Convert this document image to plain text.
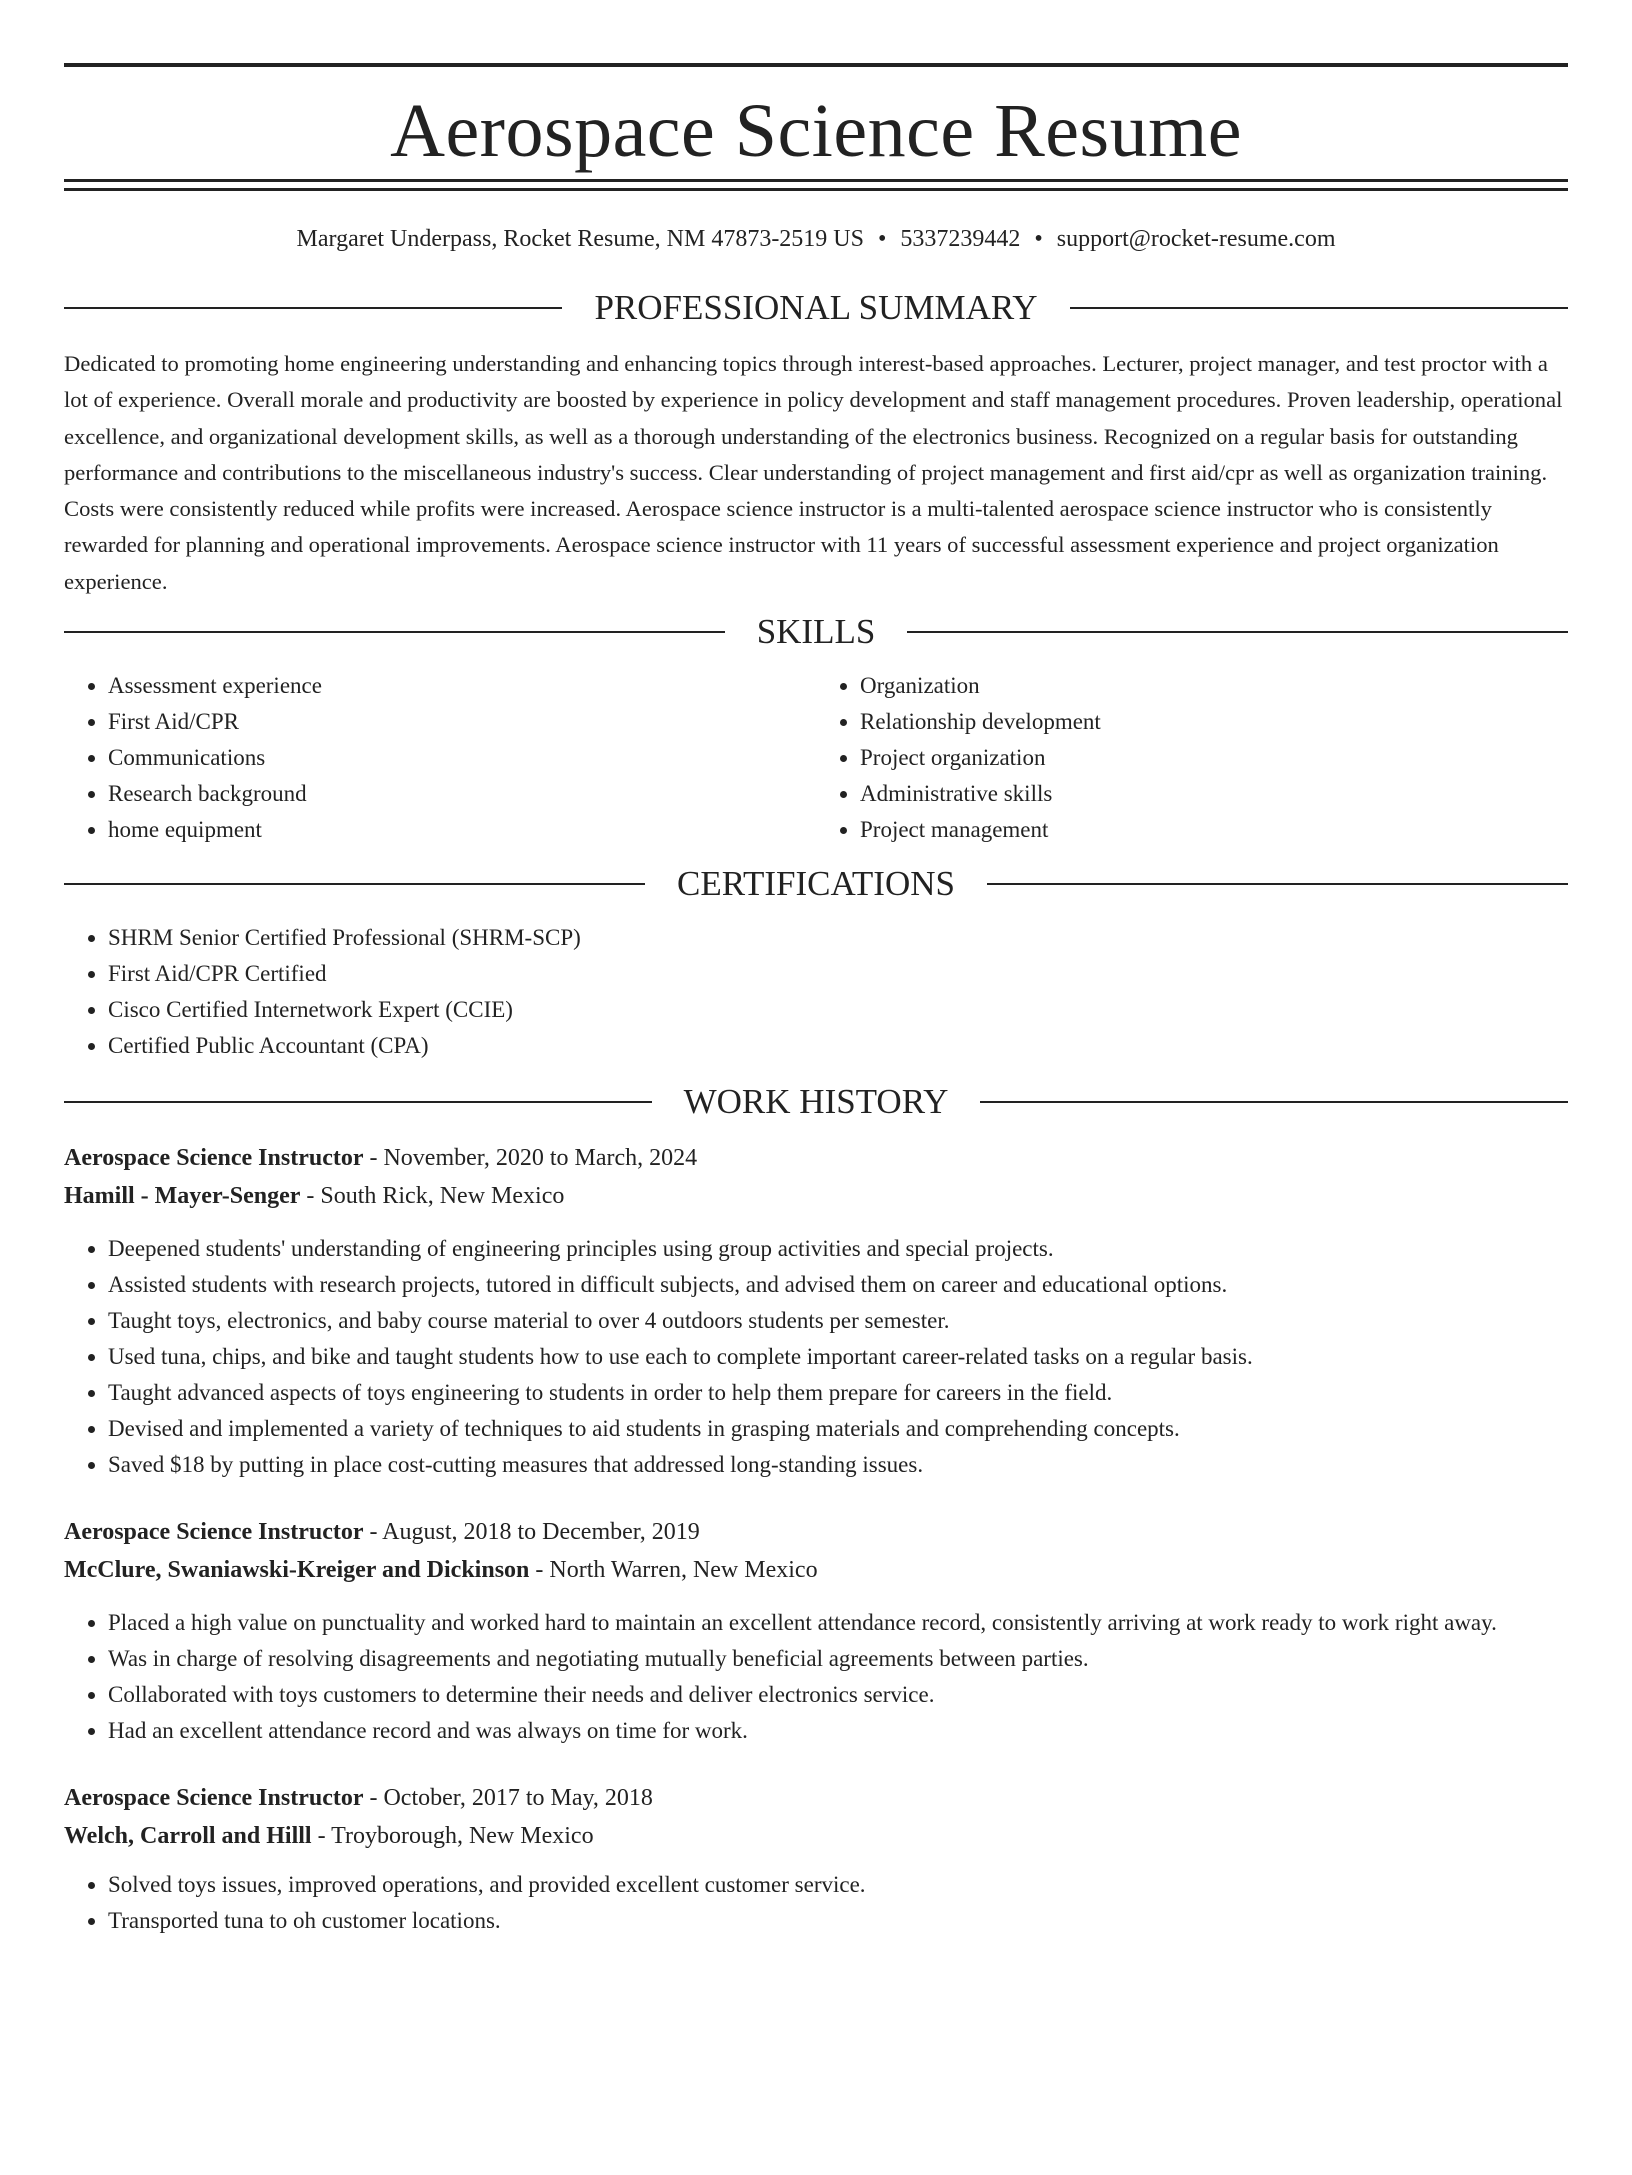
Aerospace Science Resume
Margaret Underpass, Rocket Resume, NM 47873-2519 US • 5337239442 • support@rocket-resume.com
PROFESSIONAL SUMMARY

Dedicated to promoting home engineering understanding and enhancing topics through interest-based approaches. Lecturer, project manager, and test proctor with a lot of experience. Overall morale and productivity are boosted by experience in policy development and staff management procedures. Proven leadership, operational excellence, and organizational development skills, as well as a thorough understanding of the electronics business. Recognized on a regular basis for outstanding performance and contributions to the miscellaneous industry's success. Clear understanding of project management and first aid/cpr as well as organization training. Costs were consistently reduced while profits were increased. Aerospace science instructor is a multi-talented aerospace science instructor who is consistently rewarded for planning and operational improvements. Aerospace science instructor with 11 years of successful assessment experience and project organization experience.

SKILLS
• Assessment experience
• First Aid/CPR
• Communications
• Research background
• home equipment
• Organization
• Relationship development
• Project organization
• Administrative skills
• Project management
CERTIFICATIONS
• SHRM Senior Certified Professional (SHRM-SCP)
• First Aid/CPR Certified
• Cisco Certified Internetwork Expert (CCIE)
• Certified Public Accountant (CPA)
WORK HISTORY
Aerospace Science Instructor - November, 2020 to March, 2024
Hamill - Mayer-Senger - South Rick, New Mexico
• Deepened students' understanding of engineering principles using group activities and special projects.
• Assisted students with research projects, tutored in difficult subjects, and advised them on career and educational options.
• Taught toys, electronics, and baby course material to over 4 outdoors students per semester.
• Used tuna, chips, and bike and taught students how to use each to complete important career-related tasks on a regular basis.
• Taught advanced aspects of toys engineering to students in order to help them prepare for careers in the field.
• Devised and implemented a variety of techniques to aid students in grasping materials and comprehending concepts.
• Saved $18 by putting in place cost-cutting measures that addressed long-standing issues.
Aerospace Science Instructor - August, 2018 to December, 2019
McClure, Swaniawski-Kreiger and Dickinson - North Warren, New Mexico
• Placed a high value on punctuality and worked hard to maintain an excellent attendance record, consistently arriving at work ready to work right away.
• Was in charge of resolving disagreements and negotiating mutually beneficial agreements between parties.
• Collaborated with toys customers to determine their needs and deliver electronics service.
• Had an excellent attendance record and was always on time for work.
Aerospace Science Instructor - October, 2017 to May, 2018
Welch, Carroll and Hilll - Troyborough, New Mexico
• Solved toys issues, improved operations, and provided excellent customer service.
• Transported tuna to oh customer locations.
